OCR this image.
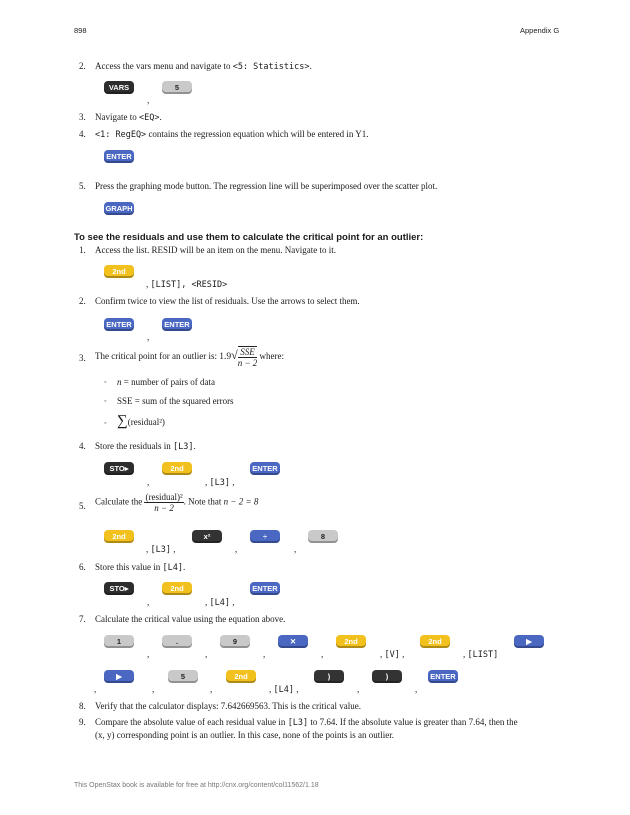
898	Appendix G
2. Access the vars menu and navigate to <5: Statistics>.
VARS	5
,
3. Navigate to <EQ>.
4. <1: RegEQ> contains the regression equation which will be entered in Y1.
ENTER
5. Press the graphing mode button. The regression line will be superimposed over the scatter plot.
GRAPH
To see the residuals and use them to calculate the critical point for an outlier:
1. Access the list. RESID will be an item on the menu. Navigate to it.
2nd
, [LIST], <RESID>
2. Confirm twice to view the list of residuals. Use the arrows to select them.
ENTER	ENTER
,
3. The critical point for an outlier is: $1.9√ \frac{\text{SSE}}{n - 2}$ where:
◦ n = number of pairs of data
◦ SSE = sum of the squared errors
◦ ∑(residual²)
4. Store the residuals in [L3].
STO▸	2nd	ENTER
,	, [L3] ,
5. Calculate the $\frac{\text{(residual)²}}{n - 2}$ . Note that n − 2 = 8
2nd	x²	÷	8
, [L3] ,	,	,
6. Store this value in [L4].
STO▸	2nd	ENTER
,	, [L4] ,
7. Calculate the critical value using the equation above.
1	.	9	✕	2nd	2nd	▶
,	,	,	,	, [V] ,	, [LIST]
▶	5	2nd	)	)	ENTER
,	,	,	, [L4] ,	,	,
8. Verify that the calculator displays: 7.642669563. This is the critical value.
9. Compare the absolute value of each residual value in [L3] to 7.64. If the absolute value is greater than 7.64, then the
(x, y) corresponding point is an outlier. In this case, none of the points is an outlier.
This OpenStax book is available for free at http://cnx.org/content/col11562/1.18
